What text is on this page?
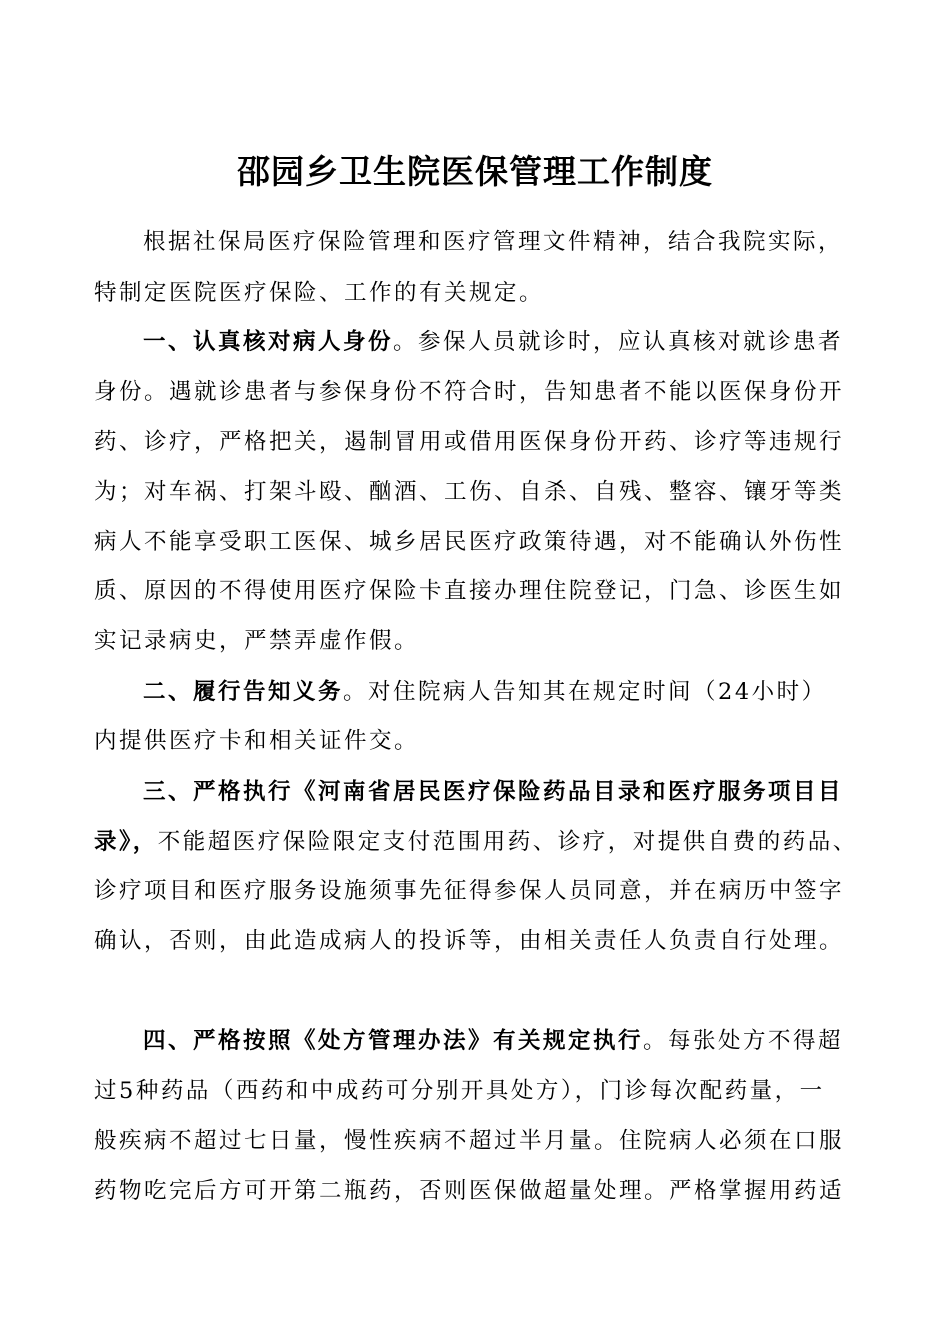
邵园乡卫生院医保管理工作制度
根据社保局医疗保险管理和医疗管理文件精神，结合我院实际，
特制定医院医疗保险、工作的有关规定。
一、认真核对病人身份。参保人员就诊时，应认真核对就诊患者
身份。遇就诊患者与参保身份不符合时，告知患者不能以医保身份开
药、诊疗，严格把关，遏制冒用或借用医保身份开药、诊疗等违规行
为；对车祸、打架斗殴、酗酒、工伤、自杀、自残、整容、镶牙等类
病人不能享受职工医保、城乡居民医疗政策待遇，对不能确认外伤性
质、原因的不得使用医疗保险卡直接办理住院登记，门急、诊医生如
实记录病史，严禁弄虚作假。
二、履行告知义务。对住院病人告知其在规定时间（24小时）
内提供医疗卡和相关证件交。
三、严格执行《河南省居民医疗保险药品目录和医疗服务项目目
录》，不能超医疗保险限定支付范围用药、诊疗，对提供自费的药品、
诊疗项目和医疗服务设施须事先征得参保人员同意，并在病历中签字
确认，否则，由此造成病人的投诉等，由相关责任人负责自行处理。
四、严格按照《处方管理办法》有关规定执行。每张处方不得超
过5种药品（西药和中成药可分别开具处方），门诊每次配药量，一
般疾病不超过七日量，慢性疾病不超过半月量。住院病人必须在口服
药物吃完后方可开第二瓶药，否则医保做超量处理。严格掌握用药适
